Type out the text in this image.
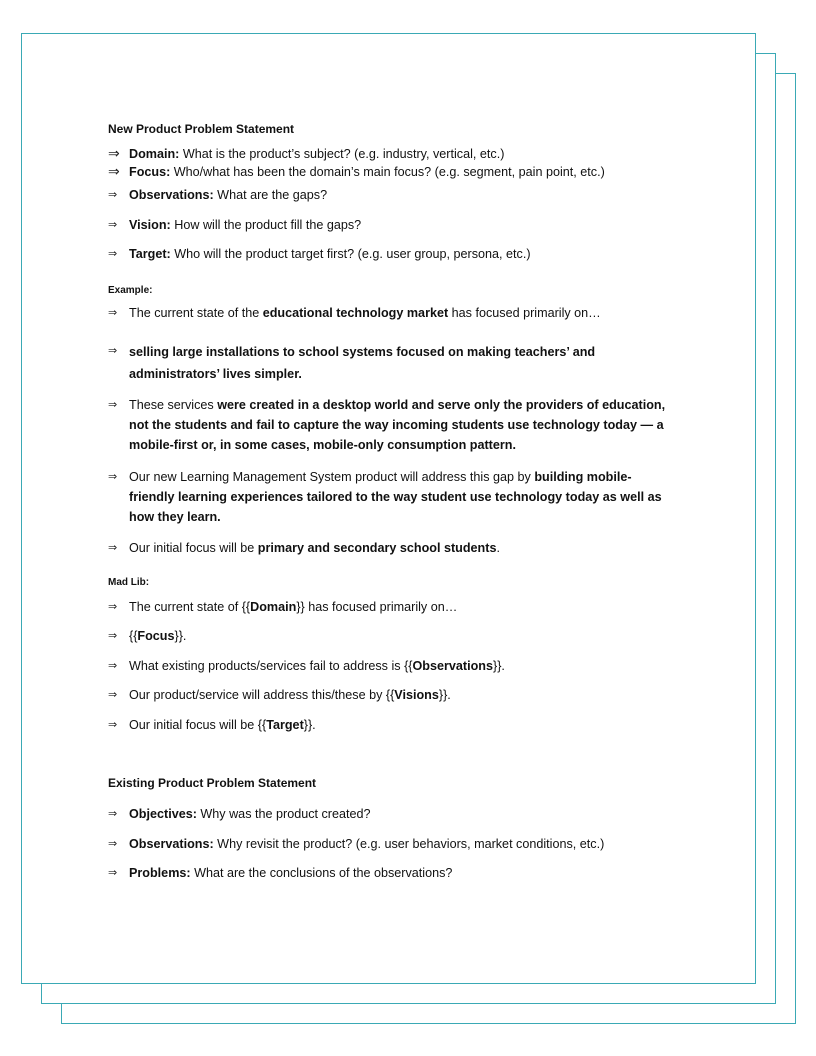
New Product Problem Statement
⇒ Domain: What is the product’s subject? (e.g. industry, vertical, etc.)
⇒ Focus: Who/what has been the domain’s main focus? (e.g. segment, pain point, etc.)
⇒ Observations: What are the gaps?
⇒ Vision: How will the product fill the gaps?
⇒ Target: Who will the product target first? (e.g. user group, persona, etc.)
Example:
⇒ The current state of the educational technology market has focused primarily on…
⇒ selling large installations to school systems focused on making teachers’ and administrators’ lives simpler.
⇒ These services were created in a desktop world and serve only the providers of education, not the students and fail to capture the way incoming students use technology today — a mobile-first or, in some cases, mobile-only consumption pattern.
⇒ Our new Learning Management System product will address this gap by building mobile-friendly learning experiences tailored to the way student use technology today as well as how they learn.
⇒ Our initial focus will be primary and secondary school students.
Mad Lib:
⇒ The current state of {{Domain}} has focused primarily on…
⇒ {{Focus}}.
⇒ What existing products/services fail to address is {{Observations}}.
⇒ Our product/service will address this/these by {{Visions}}.
⇒ Our initial focus will be {{Target}}.
Existing Product Problem Statement
⇒ Objectives: Why was the product created?
⇒ Observations: Why revisit the product? (e.g. user behaviors, market conditions, etc.)
⇒ Problems: What are the conclusions of the observations?
